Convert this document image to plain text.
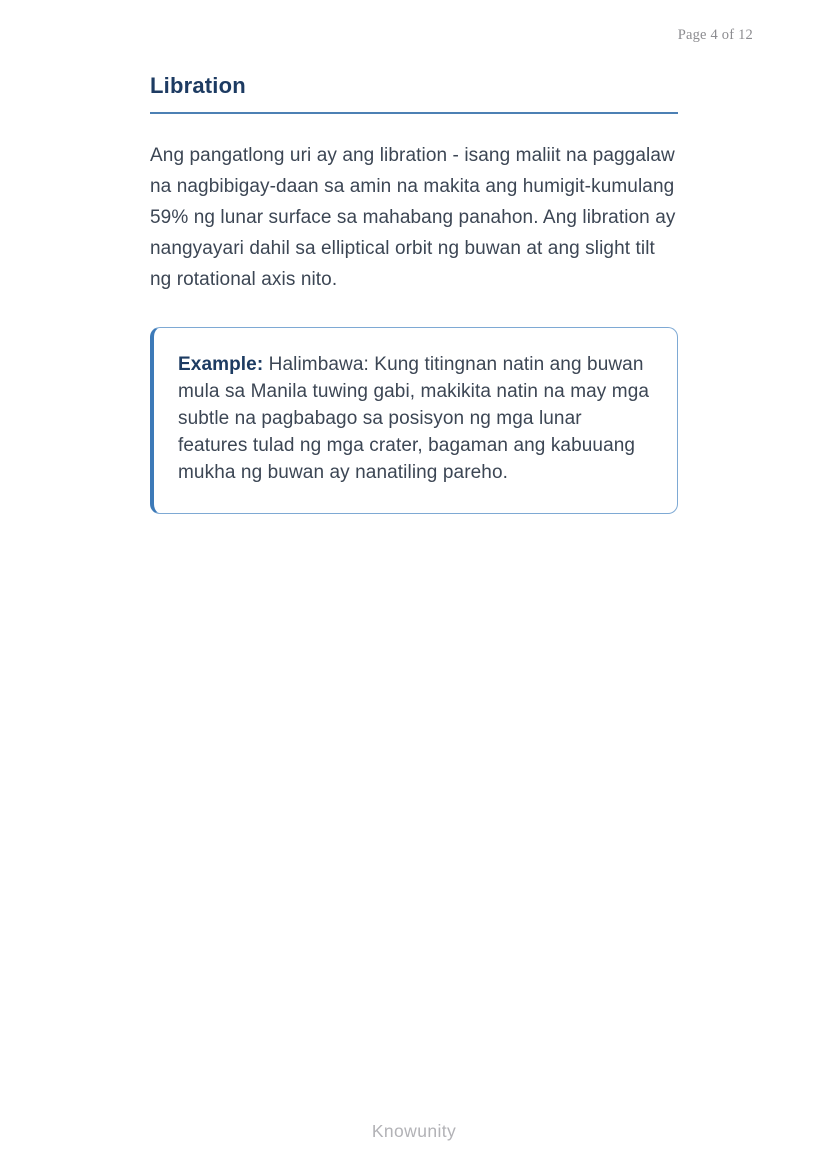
Page 4 of 12
Libration

Ang pangatlong uri ay ang libration - isang maliit na paggalaw na nagbibigay-daan sa amin na makita ang humigit-kumulang 59% ng lunar surface sa mahabang panahon. Ang libration ay nangyayari dahil sa elliptical orbit ng buwan at ang slight tilt ng rotational axis nito.

Example: Halimbawa: Kung titingnan natin ang buwan mula sa Manila tuwing gabi, makikita natin na may mga subtle na pagbabago sa posisyon ng mga lunar features tulad ng mga crater, bagaman ang kabuuang mukha ng buwan ay nanatiling pareho.

Knowunity
